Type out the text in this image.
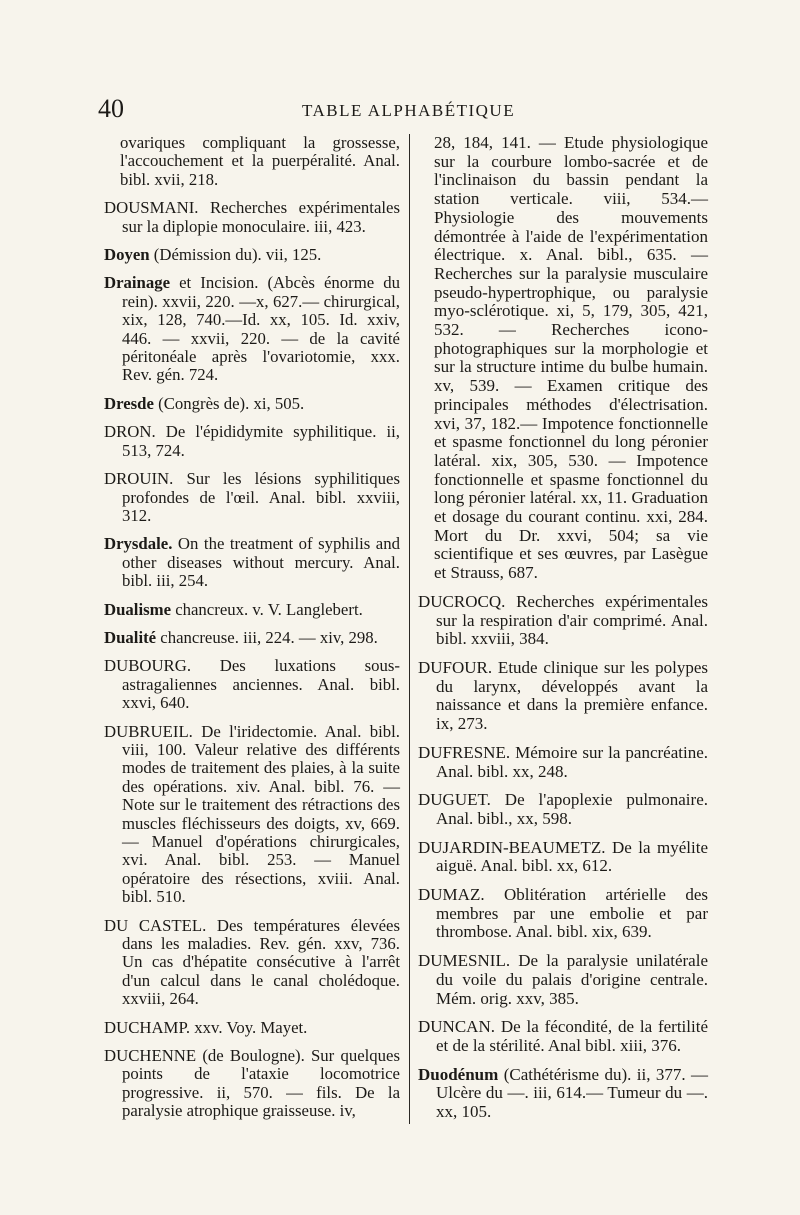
40	TABLE ALPHABÉTIQUE

ovariques compliquant la grossesse, l'accouchement et la puerpéralité. Anal. bibl. xvii, 218.

DOUSMANI. Recherches expérimentales sur la diplopie monoculaire. iii, 423.

Doyen (Démission du). vii, 125.

Drainage et Incision. (Abcès énorme du rein). xxvii, 220. —x, 627.— chirurgical, xix, 128, 740.—Id. xx, 105. Id. xxiv, 446. — xxvii, 220. — de la cavité péritonéale après l'ovariotomie, xxx. Rev. gén. 724.

Dresde (Congrès de). xi, 505.

DRON. De l'épididymite syphilitique. ii, 513, 724.

DROUIN. Sur les lésions syphilitiques profondes de l'œil. Anal. bibl. xxviii, 312.

Drysdale. On the treatment of syphilis and other diseases without mercury. Anal. bibl. iii, 254.

Dualisme chancreux. v. V. Langlebert.

Dualité chancreuse. iii, 224. — xiv, 298.

DUBOURG. Des luxations sous-astragaliennes anciennes. Anal. bibl. xxvi, 640.

DUBRUEIL. De l'iridectomie. Anal. bibl. viii, 100. Valeur relative des différents modes de traitement des plaies, à la suite des opérations. xiv. Anal. bibl. 76. — Note sur le traitement des rétractions des muscles fléchisseurs des doigts, xv, 669. — Manuel d'opérations chirurgicales, xvi. Anal. bibl. 253. — Manuel opératoire des résections, xviii. Anal. bibl. 510.

DU CASTEL. Des températures élevées dans les maladies. Rev. gén. xxv, 736. Un cas d'hépatite consécutive à l'arrêt d'un calcul dans le canal cholédoque. xxviii, 264.

DUCHAMP. xxv. Voy. Mayet.

DUCHENNE (de Boulogne). Sur quelques points de l'ataxie locomotrice progressive. ii, 570. — fils. De la paralysie atrophique graisseuse. iv,

28, 184, 141. — Etude physiologique sur la courbure lombo-sacrée et de l'inclinaison du bassin pendant la station verticale. viii, 534.— Physiologie des mouvements démontrée à l'aide de l'expérimentation électrique. x. Anal. bibl., 635. — Recherches sur la paralysie musculaire pseudo-hypertrophique, ou paralysie myo-sclérotique. xi, 5, 179, 305, 421, 532. — Recherches icono-photographiques sur la morphologie et sur la structure intime du bulbe humain. xv, 539. — Examen critique des principales méthodes d'électrisation. xvi, 37, 182.— Impotence fonctionnelle et spasme fonctionnel du long péronier latéral. xix, 305, 530. — Impotence fonctionnelle et spasme fonctionnel du long péronier latéral. xx, 11. Graduation et dosage du courant continu. xxi, 284. Mort du Dr. xxvi, 504; sa vie scientifique et ses œuvres, par Lasègue et Strauss, 687.

DUCROCQ. Recherches expérimentales sur la respiration d'air comprimé. Anal. bibl. xxviii, 384.

DUFOUR. Etude clinique sur les polypes du larynx, développés avant la naissance et dans la première enfance. ix, 273.

DUFRESNE. Mémoire sur la pancréatine. Anal. bibl. xx, 248.

DUGUET. De l'apoplexie pulmonaire. Anal. bibl., xx, 598.

DUJARDIN-BEAUMETZ. De la myélite aiguë. Anal. bibl. xx, 612.

DUMAZ. Oblitération artérielle des membres par une embolie et par thrombose. Anal. bibl. xix, 639.

DUMESNIL. De la paralysie unilatérale du voile du palais d'origine centrale. Mém. orig. xxv, 385.

DUNCAN. De la fécondité, de la fertilité et de la stérilité. Anal bibl. xiii, 376.

Duodénum (Cathétérisme du). ii, 377. —Ulcère du —. iii, 614.— Tumeur du —. xx, 105.
